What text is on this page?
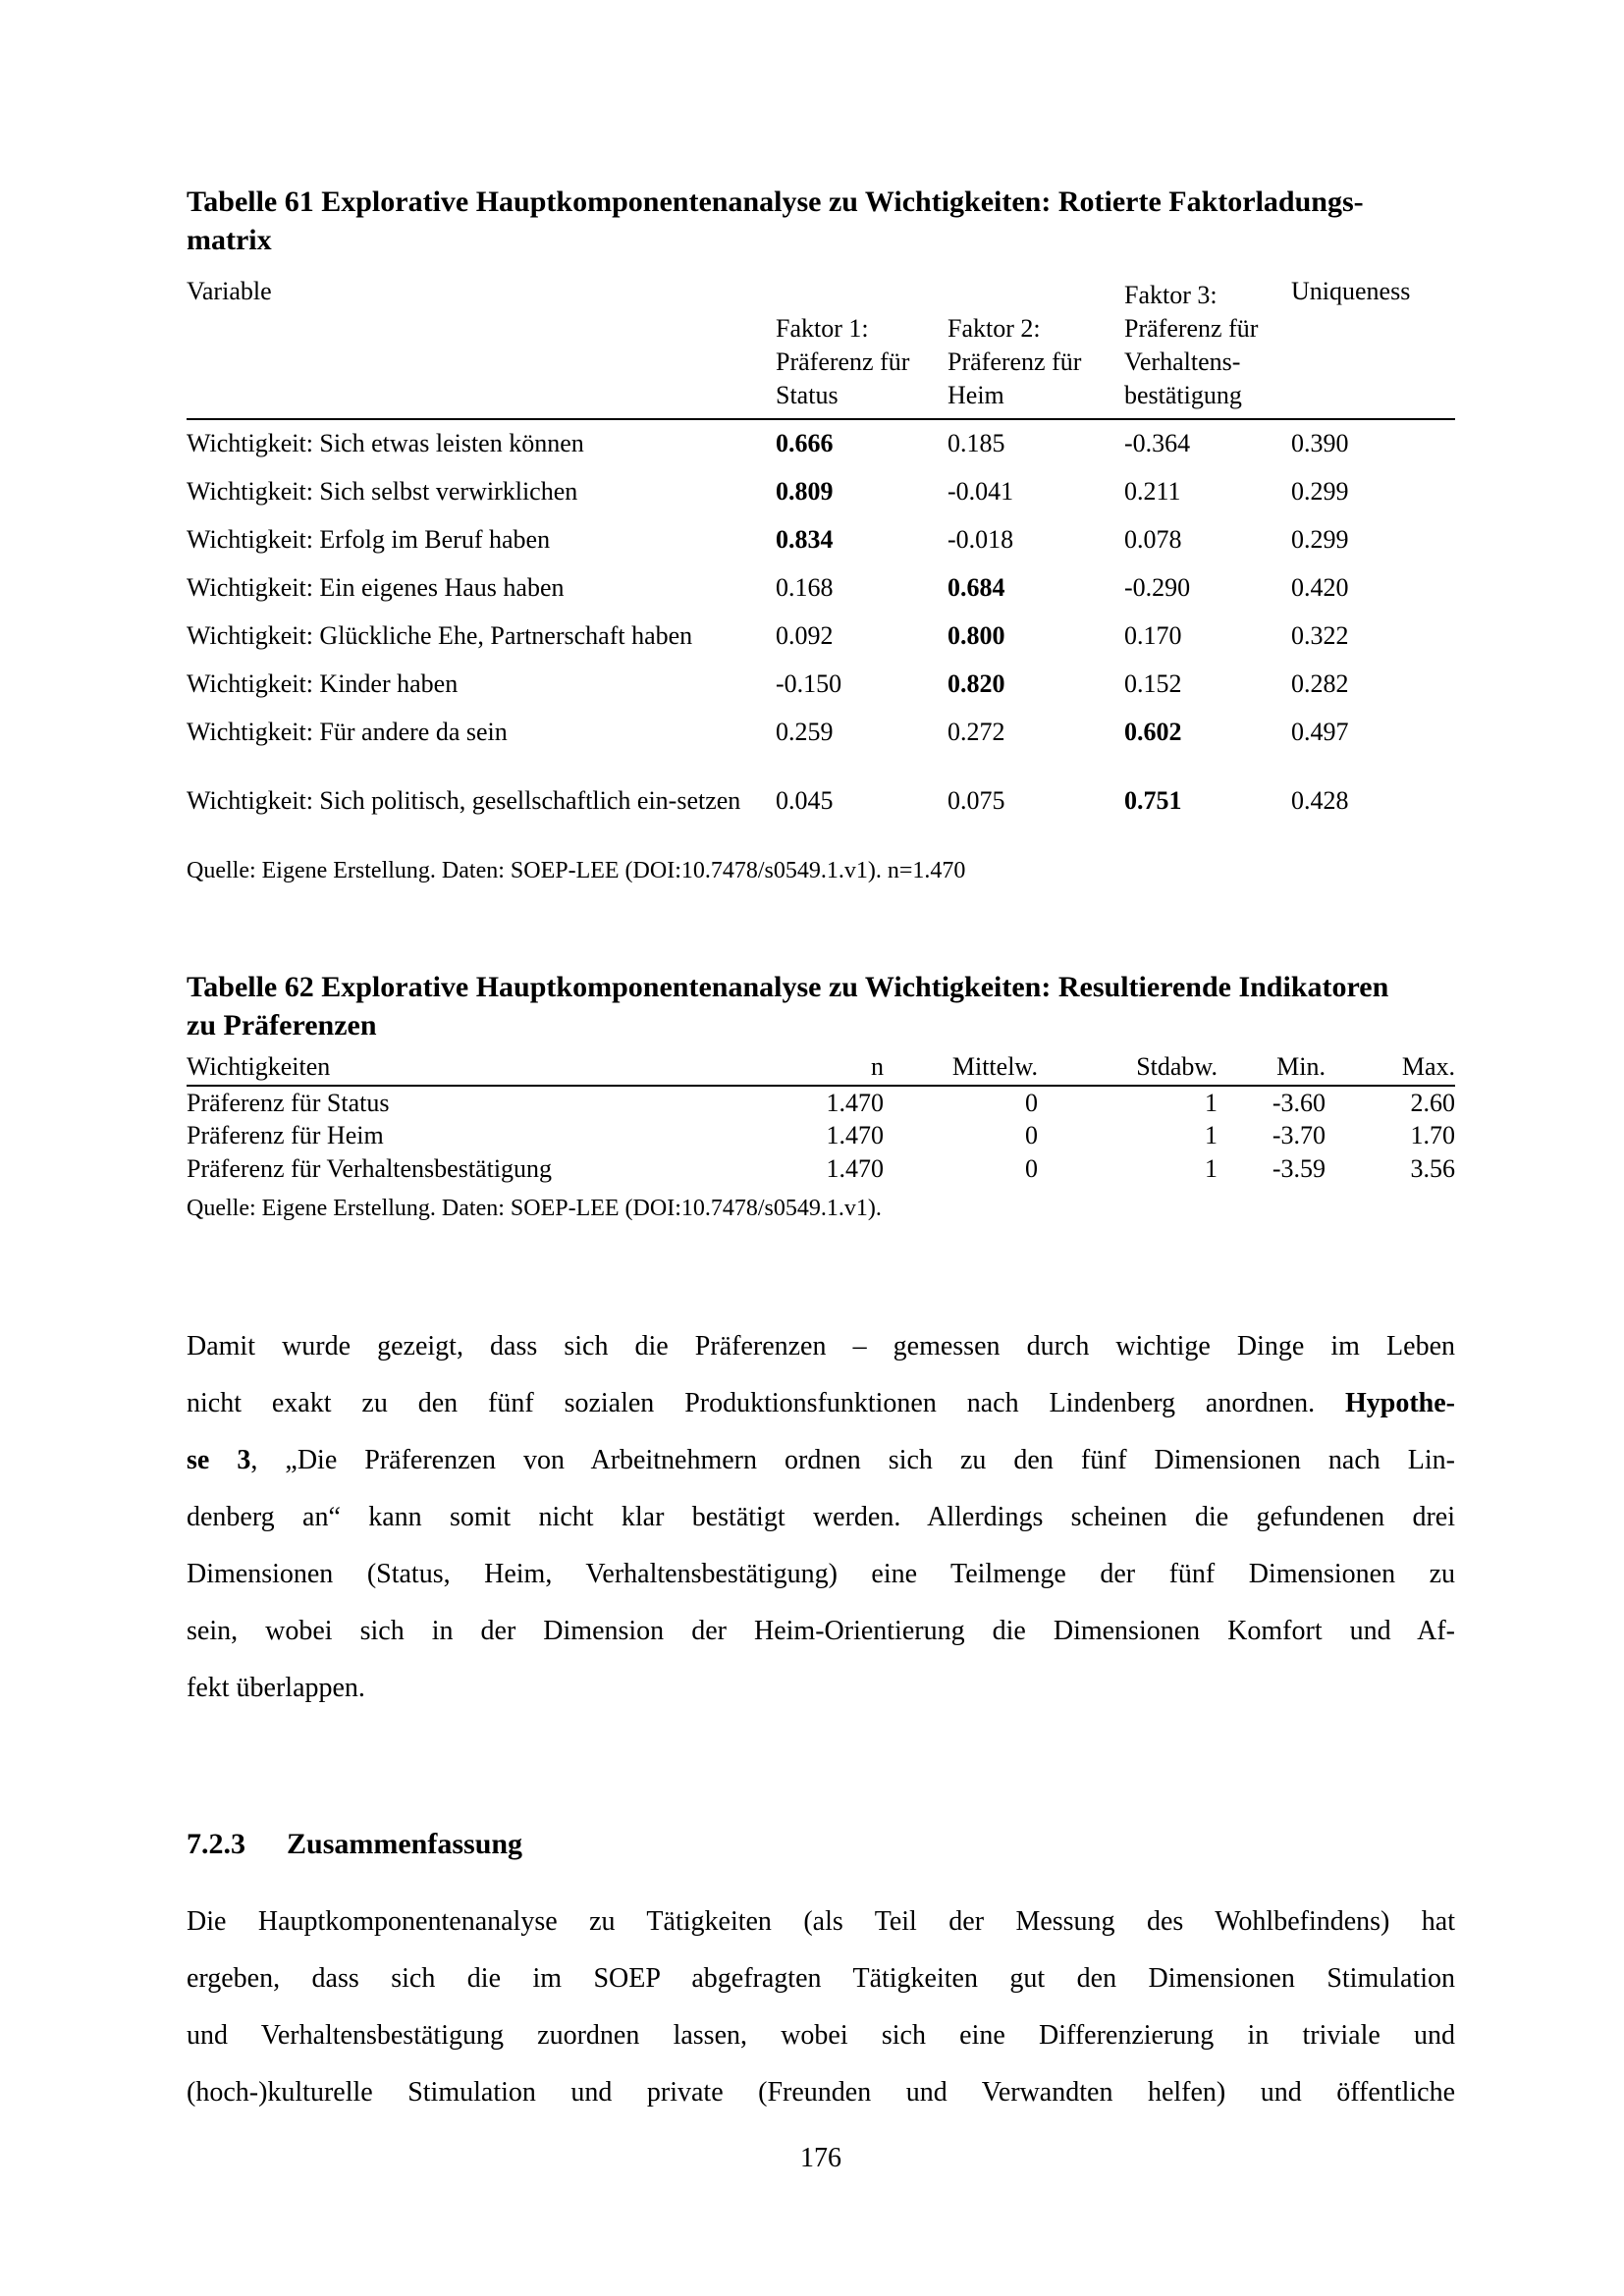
Tabelle 61 Explorative Hauptkomponentenanalyse zu Wichtigkeiten: Rotierte Faktorladungs-
matrix
Variable	Faktor 1: Präferenz für Status	Faktor 2: Präferenz für Heim	Faktor 3: Präferenz für Verhaltens-bestätigung	Uniqueness
Wichtigkeit: Sich etwas leisten können	0.666	0.185	-0.364	0.390
Wichtigkeit: Sich selbst verwirklichen	0.809	-0.041	0.211	0.299
Wichtigkeit: Erfolg im Beruf haben	0.834	-0.018	0.078	0.299
Wichtigkeit: Ein eigenes Haus haben	0.168	0.684	-0.290	0.420
Wichtigkeit: Glückliche Ehe, Partnerschaft haben	0.092	0.800	0.170	0.322
Wichtigkeit: Kinder haben	-0.150	0.820	0.152	0.282
Wichtigkeit: Für andere da sein	0.259	0.272	0.602	0.497
Wichtigkeit: Sich politisch, gesellschaftlich ein-setzen	0.045	0.075	0.751	0.428
Quelle: Eigene Erstellung. Daten: SOEP-LEE (DOI:10.7478/s0549.1.v1). n=1.470
Tabelle 62 Explorative Hauptkomponentenanalyse zu Wichtigkeiten: Resultierende Indikatoren
zu Präferenzen
Wichtigkeiten	n	Mittelw.	Stdabw.	Min.	Max.
Präferenz für Status	1.470	0	1	-3.60	2.60
Präferenz für Heim	1.470	0	1	-3.70	1.70
Präferenz für Verhaltensbestätigung	1.470	0	1	-3.59	3.56
Quelle: Eigene Erstellung. Daten: SOEP-LEE (DOI:10.7478/s0549.1.v1).
Damit wurde gezeigt, dass sich die Präferenzen – gemessen durch wichtige Dinge im Leben
nicht exakt zu den fünf sozialen Produktionsfunktionen nach Lindenberg anordnen. Hypothe-
se 3, „Die Präferenzen von Arbeitnehmern ordnen sich zu den fünf Dimensionen nach Lin-
denberg an“ kann somit nicht klar bestätigt werden. Allerdings scheinen die gefundenen drei
Dimensionen (Status, Heim, Verhaltensbestätigung) eine Teilmenge der fünf Dimensionen zu
sein, wobei sich in der Dimension der Heim-Orientierung die Dimensionen Komfort und Af-
fekt überlappen.
7.2.3 Zusammenfassung
Die Hauptkomponentenanalyse zu Tätigkeiten (als Teil der Messung des Wohlbefindens) hat
ergeben, dass sich die im SOEP abgefragten Tätigkeiten gut den Dimensionen Stimulation
und Verhaltensbestätigung zuordnen lassen, wobei sich eine Differenzierung in triviale und
(hoch-)kulturelle Stimulation und private (Freunden und Verwandten helfen) und öffentliche
176
